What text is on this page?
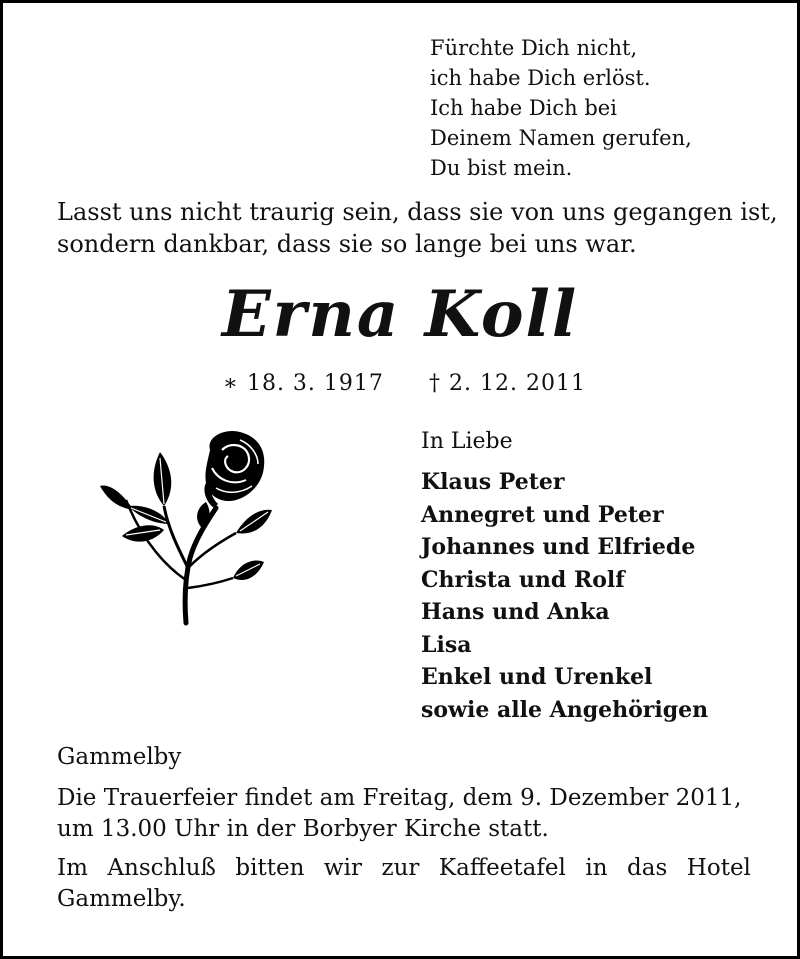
Fürchte Dich nicht,
ich habe Dich erlöst.
Ich habe Dich bei
Deinem Namen gerufen,
Du bist mein.
Lasst uns nicht traurig sein, dass sie von uns gegangen ist,
sondern dankbar, dass sie so lange bei uns war.
Erna Koll
∗ 18. 3. 1917 † 2. 12. 2011
In Liebe
Klaus Peter
Annegret und Peter
Johannes und Elfriede
Christa und Rolf
Hans und Anka
Lisa
Enkel und Urenkel
sowie alle Angehörigen
Gammelby
Die Trauerfeier findet am Freitag, dem 9. Dezember 2011,
um 13.00 Uhr in der Borbyer Kirche statt.
Im Anschluß bitten wir zur Kaffeetafel in das Hotel
Gammelby.
